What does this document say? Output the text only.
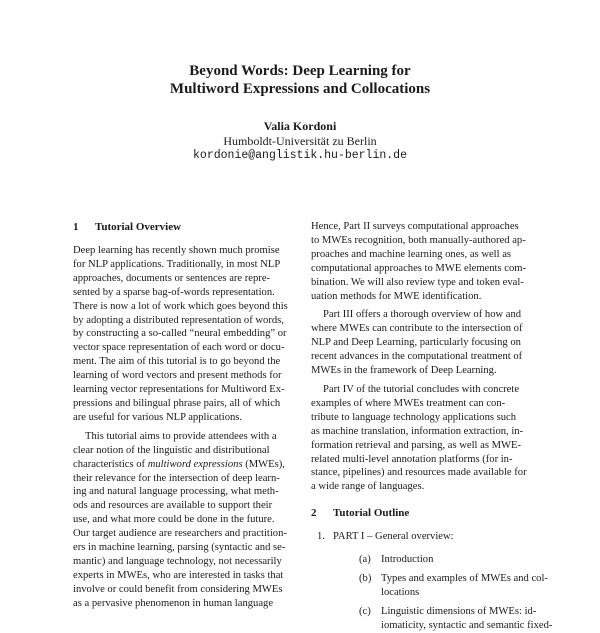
Beyond Words: Deep Learning for
Multiword Expressions and Collocations
Valia Kordoni
Humboldt-Universität zu Berlin
kordonie@anglistik.hu-berlin.de
1 Tutorial Overview

Deep learning has recently shown much promise
for NLP applications. Traditionally, in most NLP
approaches, documents or sentences are repre-
sented by a sparse bag-of-words representation.
There is now a lot of work which goes beyond this
by adopting a distributed representation of words,
by constructing a so-called “neural embedding” or
vector space representation of each word or docu-
ment. The aim of this tutorial is to go beyond the
learning of word vectors and present methods for
learning vector representations for Multiword Ex-
pressions and bilingual phrase pairs, all of which
are useful for various NLP applications.

This tutorial aims to provide attendees with a
clear notion of the linguistic and distributional
characteristics of multiword expressions (MWEs),
their relevance for the intersection of deep learn-
ing and natural language processing, what meth-
ods and resources are available to support their
use, and what more could be done in the future.
Our target audience are researchers and practition-
ers in machine learning, parsing (syntactic and se-
mantic) and language technology, not necessarily
experts in MWEs, who are interested in tasks that
involve or could benefit from considering MWEs
as a pervasive phenomenon in human language

Hence, Part II surveys computational approaches
to MWEs recognition, both manually-authored ap-
proaches and machine learning ones, as well as
computational approaches to MWE elements com-
bination. We will also review type and token eval-
uation methods for MWE identification.

Part III offers a thorough overview of how and
where MWEs can contribute to the intersection of
NLP and Deep Learning, particularly focusing on
recent advances in the computational treatment of
MWEs in the framework of Deep Learning.

Part IV of the tutorial concludes with concrete
examples of where MWEs treatment can con-
tribute to language technology applications such
as machine translation, information extraction, in-
formation retrieval and parsing, as well as MWE-
related multi-level annotation platforms (for in-
stance, pipelines) and resources made available for
a wide range of languages.

2 Tutorial Outline
1. PART I – General overview:
(a) Introduction
(b) Types and examples of MWEs and col-
locations
(c) Linguistic dimensions of MWEs: id-
iomaticity, syntactic and semantic fixed-
